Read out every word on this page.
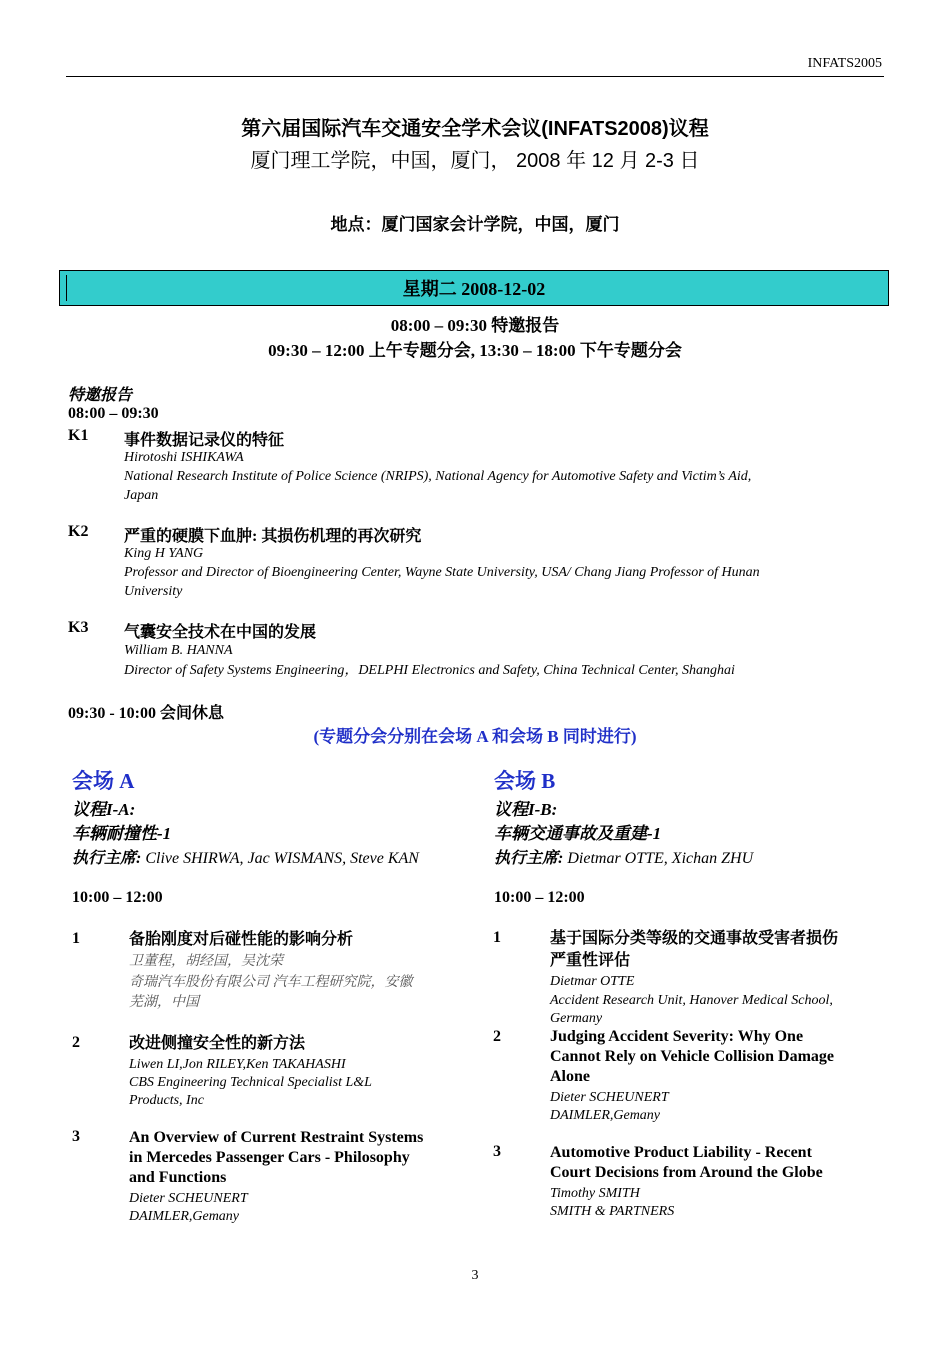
INFATS2005
第六届国际汽车交通安全学术会议(INFATS2008)议程
厦门理工学院，中国，厦门， 2008 年 12 月 2-3 日
地点：厦门国家会计学院，中国，厦门
星期二 2008-12-02
08:00 – 09:30 特邀报告
09:30 – 12:00 上午专题分会, 13:30 – 18:00 下午专题分会
特邀报告
08:00 – 09:30
K1 事件数据记录仪的特征
Hirotoshi ISHIKAWA
National Research Institute of Police Science (NRIPS), National Agency for Automotive Safety and Victim’s Aid,
Japan
K2 严重的硬膜下血肿: 其损伤机理的再次研究
King H YANG
Professor and Director of Bioengineering Center, Wayne State University, USA/ Chang Jiang Professor of Hunan
University
K3 气囊安全技术在中国的发展
William B. HANNA
Director of Safety Systems Engineering，DELPHI Electronics and Safety, China Technical Center, Shanghai
09:30 - 10:00 会间休息
(专题分会分别在会场 A 和会场 B 同时进行)
会场 A
议程I-A:
车辆耐撞性-1
执行主席: Clive SHIRWA, Jac WISMANS, Steve KAN
10:00 – 12:00
1	备胎刚度对后碰性能的影响分析
卫董程，胡经国，吴沈荣
奇瑞汽车股份有限公司 汽车工程研究院，安徽
芜湖，中国
2	改进侧撞安全性的新方法
Liwen LI,Jon RILEY,Ken TAKAHASHI
CBS Engineering Technical Specialist L&L
Products, Inc
3	An Overview of Current Restraint Systems
in Mercedes Passenger Cars - Philosophy
and Functions
Dieter SCHEUNERT
DAIMLER,Gemany
会场 B
议程I-B:
车辆交通事故及重建-1
执行主席: Dietmar OTTE, Xichan ZHU
10:00 – 12:00
1	基于国际分类等级的交通事故受害者损伤
严重性评估
Dietmar OTTE
Accident Research Unit, Hanover Medical School,
Germany
2	Judging Accident Severity: Why One
Cannot Rely on Vehicle Collision Damage
Alone
Dieter SCHEUNERT
DAIMLER,Gemany
3	Automotive Product Liability - Recent
Court Decisions from Around the Globe
Timothy SMITH
SMITH & PARTNERS
3
